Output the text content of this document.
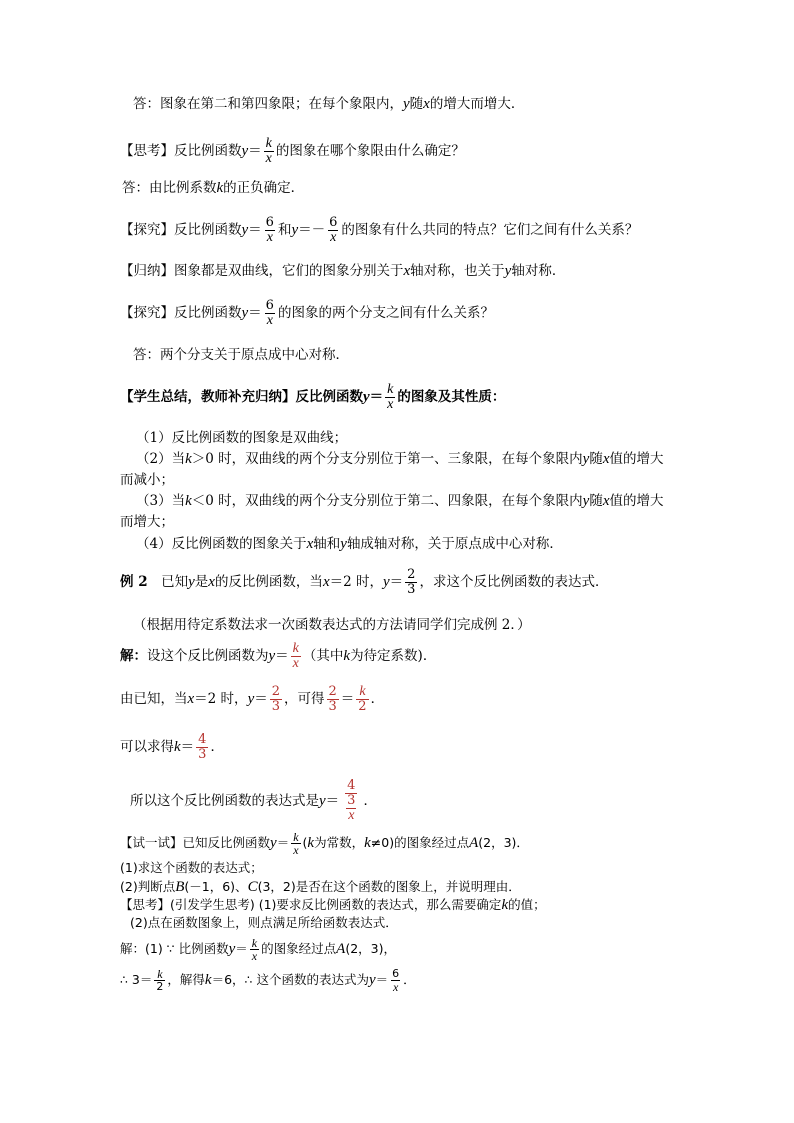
答：图象在第二和第四象限；在每个象限内， y 随 x 的增大而增大．
【思考】反比例函数 $y = \frac{k}{x}$ 的图象在哪个象限由什么确定？
答：由比例系数 k 的正负确定．
【探究】反比例函数 $y = \frac{6}{x}$ 和 $y =- \frac{6}{x}$ 的图象有什么共同的特点？它们之间有什么关系？
【归纳】图象都是双曲线，它们的图象分别关于 x 轴对称，也关于 y 轴对称．
【探究】反比例函数 $y = \frac{6}{x}$ 的图象的两个分支之间有什么关系？
答：两个分支关于原点成中心对称．
【学生总结，教师补充归纳】 反比例函数 $y = \frac{k}{x}$ 的图象及其性质：
（1）反比例函数的图象是双曲线；
（2）当 k ＞0 时，双曲线的两个分支分别位于第一、三象限，在每个象限内 y 随 x 值的增大
而减小；
（3）当 k ＜0 时，双曲线的两个分支分别位于第二、四象限，在每个象限内 y 随 x 值的增大
而增大；
（4）反比例函数的图象关于 x 轴和 y 轴成轴对称，关于原点成中心对称．
例 2 　已知 y 是 x 的反比例函数，当 x ＝2 时， $y = \frac{2}{3}$ ，求这个反比例函数的表达式．
（根据用待定系数法求一次函数表达式的方法请同学们完成例 2．）
解： 设这个反比例函数为 $y = \frac{k}{x}$ （其中 k 为待定系数)．
由已知，当 x ＝2 时， $y = \frac{2}{3}$ ，可得 $\frac{2}{3} = \frac{k}{2}$ ．
可以求得 $k = \frac{4}{3}$ ．
所以这个反比例函数的表达式是 $y = \frac{\frac{4}{3}}{x}$ ．
【试一试】已知反比例函数 $y = \frac{k}{x}$ ( k 为常数， k ≠0)的图象经过点 A (2，3)．
(1)求这个函数的表达式；
(2)判断点 B (－1，6)、 C (3，2)是否在这个函数的图象上，并说明理由．
【思考】(引发学生思考) (1)要求反比例函数的表达式，那么需要确定 k 的值；
(2)点在函数图象上，则点满足所给函数表达式．
解：(1) ∵ 比例函数 $y = \frac{k}{x}$ 的图象经过点 A (2，3)，
∴ $3= \frac{k}{2}$ ，解得 k ＝6，∴ 这个函数的表达式为 $y = \frac{6}{x}$ ．
